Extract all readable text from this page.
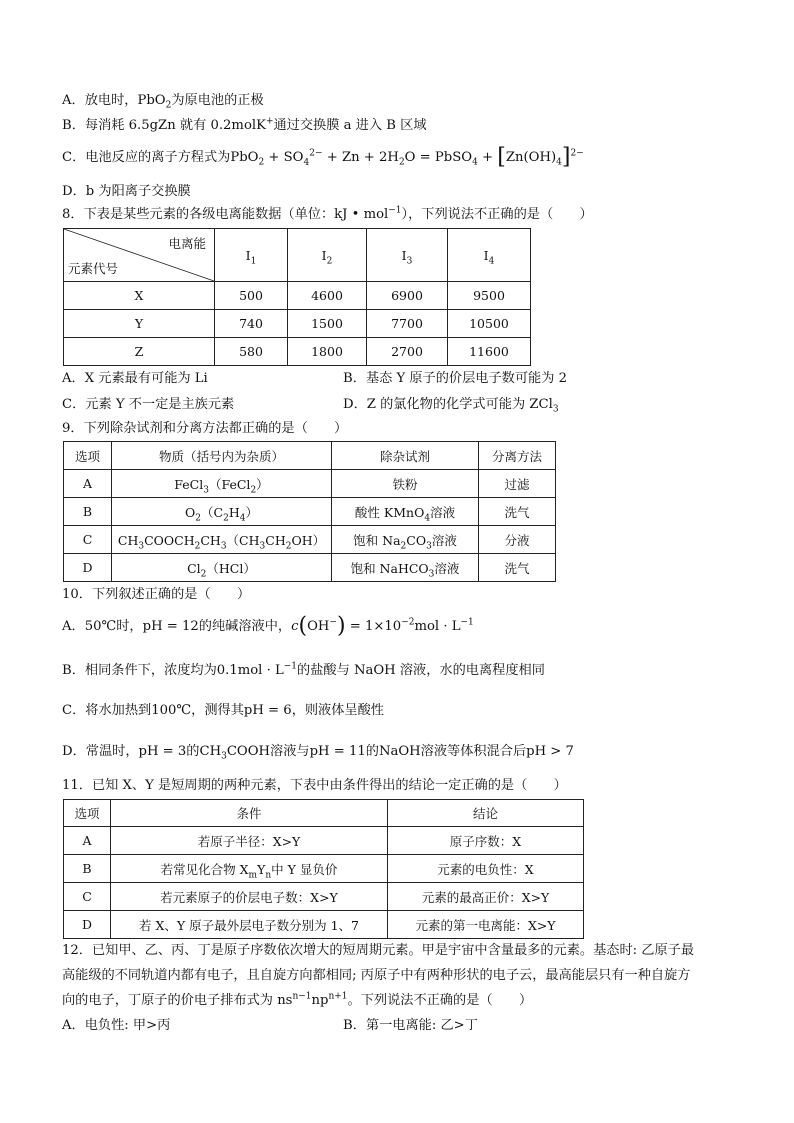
A．放电时，PbO$_2$为原电池的正极
B．每消耗 6.5gZn 就有 0.2molK+通过交换膜 a 进入 B 区域
C．电池反应的离子方程式为$PbO_2 + SO_4^{2-} + Zn + 2H_2O$ = PbSO$_4$ + $[Zn(OH)_4]^{2-}$
D．b 为阳离子交换膜
8．下表是某些元素的各级电离能数据（单位：kJ • mol$^{-1}$），下列说法不正确的是（　　）
电离能
元素代号	$I_1$	$I_2$	$I_3$	$I_4$
X	500	4600	6900	9500
Y	740	1500	7700	10500
Z	580	1800	2700	11600
A．X 元素最有可能为 Li	B．基态 Y 原子的价层电子数可能为 2
C．元素 Y 不一定是主族元素	D．Z 的氯化物的化学式可能为 ZCl$_3$
9．下列除杂试剂和分离方法都正确的是（　　）
选项	物质（括号内为杂质）	除杂试剂	分离方法
A	FeCl$_3$（FeCl$_2$）	铁粉	过滤
B	$O_2(C_2H_4)$	酸性 KMnO$_4$溶液	洗气
C	$CH_3COOCH_2CH_3(CH_3CH_2OH)$	饱和 $Na_2CO_3$溶液	分液
D	$Cl_2(HCl)$	饱和 NaHCO$_3$溶液	洗气
10．下列叙述正确的是（　　）
A．50℃时，pH = 12的纯碱溶液中，$c(OH^-) = 1\times 10^{-2}mol \cdot L^{-1}$
B．相同条件下，浓度均为$0.1mol \cdot L^{-1}$的盐酸与 NaOH 溶液，水的电离程度相同
C．将水加热到100℃，测得其pH = 6，则液体呈酸性
D．常温时，pH = 3的$CH_3COOH$溶液与pH = 11的NaOH溶液等体积混合后pH > 7
11．已知 X、Y 是短周期的两种元素，下表中由条件得出的结论一定正确的是（　　）
选项	条件	结论
A	若原子半径：X>Y	原子序数：X
B	若常见化合物 $X_mY_n$中 Y 显负价	元素的电负性：X
C	若元素原子的价层电子数：X>Y	元素的最高正价：X>Y
D	若 X、Y 原子最外层电子数分别为 1、7	元素的第一电离能：X>Y
12．已知甲、乙、丙、丁是原子序数依次增大的短周期元素。甲是宇宙中含量最多的元素。基态时: 乙原子最
高能级的不同轨道内都有电子，且自旋方向都相同; 丙原子中有两种形状的电子云，最高能层只有一种自旋方
向的电子，丁原子的价电子排布式为 $ns^{n-1}np^{n+1}$。下列说法不正确的是（　　）
A．电负性: 甲>丙	B．第一电离能: 乙>丁
